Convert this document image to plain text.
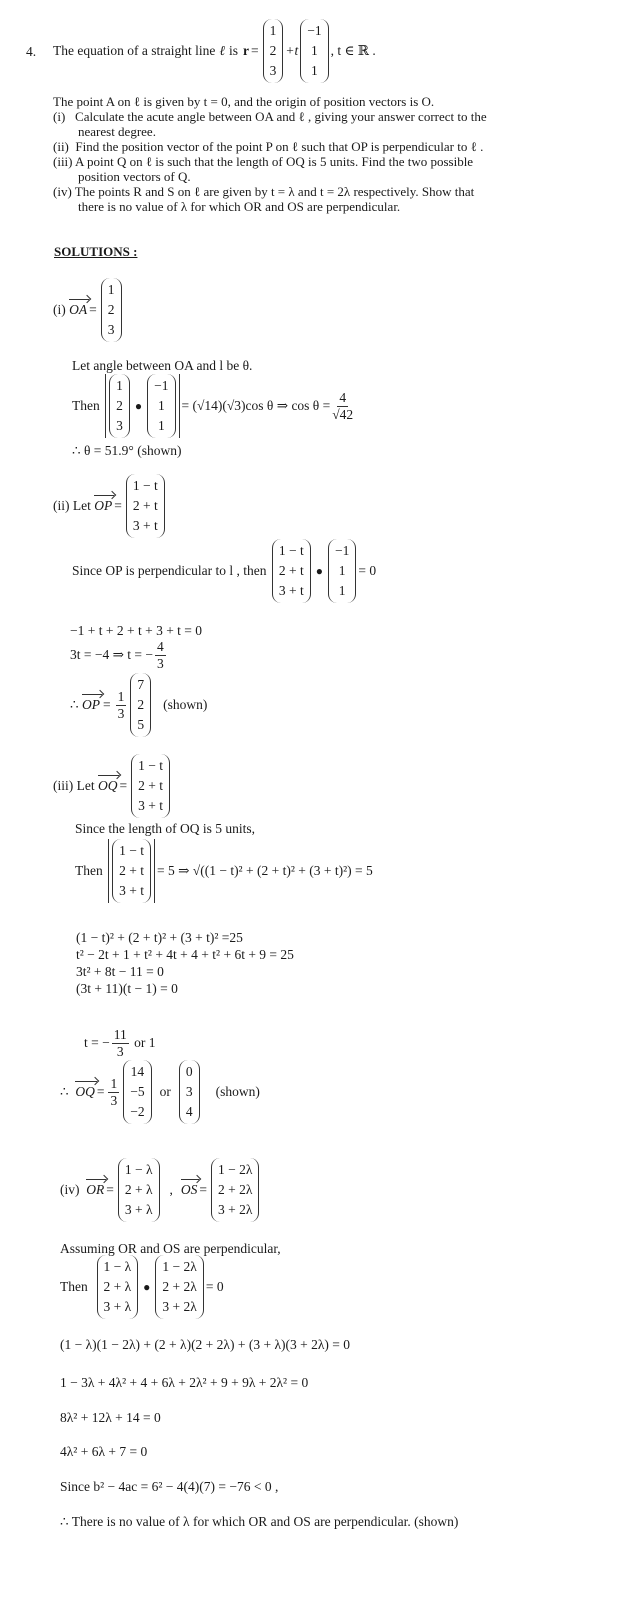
4. The equation of a straight line ℓ is r =
1
2
3
+t
−1
1
1
, t ∈ ℝ .
The point A on ℓ is given by t = 0, and the origin of position vectors is O.
(i) Calculate the acute angle between OA and ℓ , giving your answer correct to the
nearest degree.
(ii) Find the position vector of the point P on ℓ such that OP is perpendicular to ℓ .
(iii) A point Q on ℓ is such that the length of OQ is 5 units. Find the two possible
position vectors of Q.
(iv) The points R and S on ℓ are given by t = λ and t = 2λ respectively. Show that
there is no value of λ for which OR and OS are perpendicular.
SOLUTIONS :
(i)
OA =
1
2
3
Let angle between OA and l be θ.
Then

1
2
3
●
−1
1
1
= (√14)(√3)cos θ ⇒ $\cos \theta = \frac{4}{√42}$
∴ θ = 51.9° (shown)
(ii) Let
OP =
1 − t
2 + t
3 + t
Since OP is perpendicular to l , then

1 − t
2 + t
3 + t
●
−1
1
1
= 0
−1 + t + 2 + t + 3 + t = 0
3t = −4 ⇒ t = − $\frac{4}{3}$
∴
OP = $\frac{1}{3}$
7
2
5
(shown)
(iii) Let
OQ =
1 − t
2 + t
3 + t
Since the length of OQ is 5 units,
Then

1 − t
2 + t
3 + t
= 5 ⇒ √((1 − t)² + (2 + t)² + (3 + t)²) = 5
(1 − t)² + (2 + t)² + (3 + t)² =25
t² − 2t + 1 + t² + 4t + 4 + t² + 6t + 9 = 25
3t² + 8t − 11 = 0
(3t + 11)(t − 1) = 0
t = − $\frac{11}{3}$
or 1
∴
OQ = $\frac{1}{3}$
14
−5
−2
or
0
3
4
(shown)
(iv)
OR =
1 − λ
2 + λ
3 + λ
, OS =
1 − 2λ
2 + 2λ
3 + 2λ
Assuming OR and OS are perpendicular,
Then

1 − λ
2 + λ
3 + λ
●
1 − 2λ
2 + 2λ
3 + 2λ
= 0
(1 − λ)(1 − 2λ) + (2 + λ)(2 + 2λ) + (3 + λ)(3 + 2λ) = 0
1 − 3λ + 4λ² + 4 + 6λ + 2λ² + 9 + 9λ + 2λ² = 0
8λ² + 12λ + 14 = 0
4λ² + 6λ + 7 = 0
Since b² − 4ac = 6² − 4(4)(7) = −76 < 0 ,
∴ There is no value of λ for which OR and OS are perpendicular. (shown)
